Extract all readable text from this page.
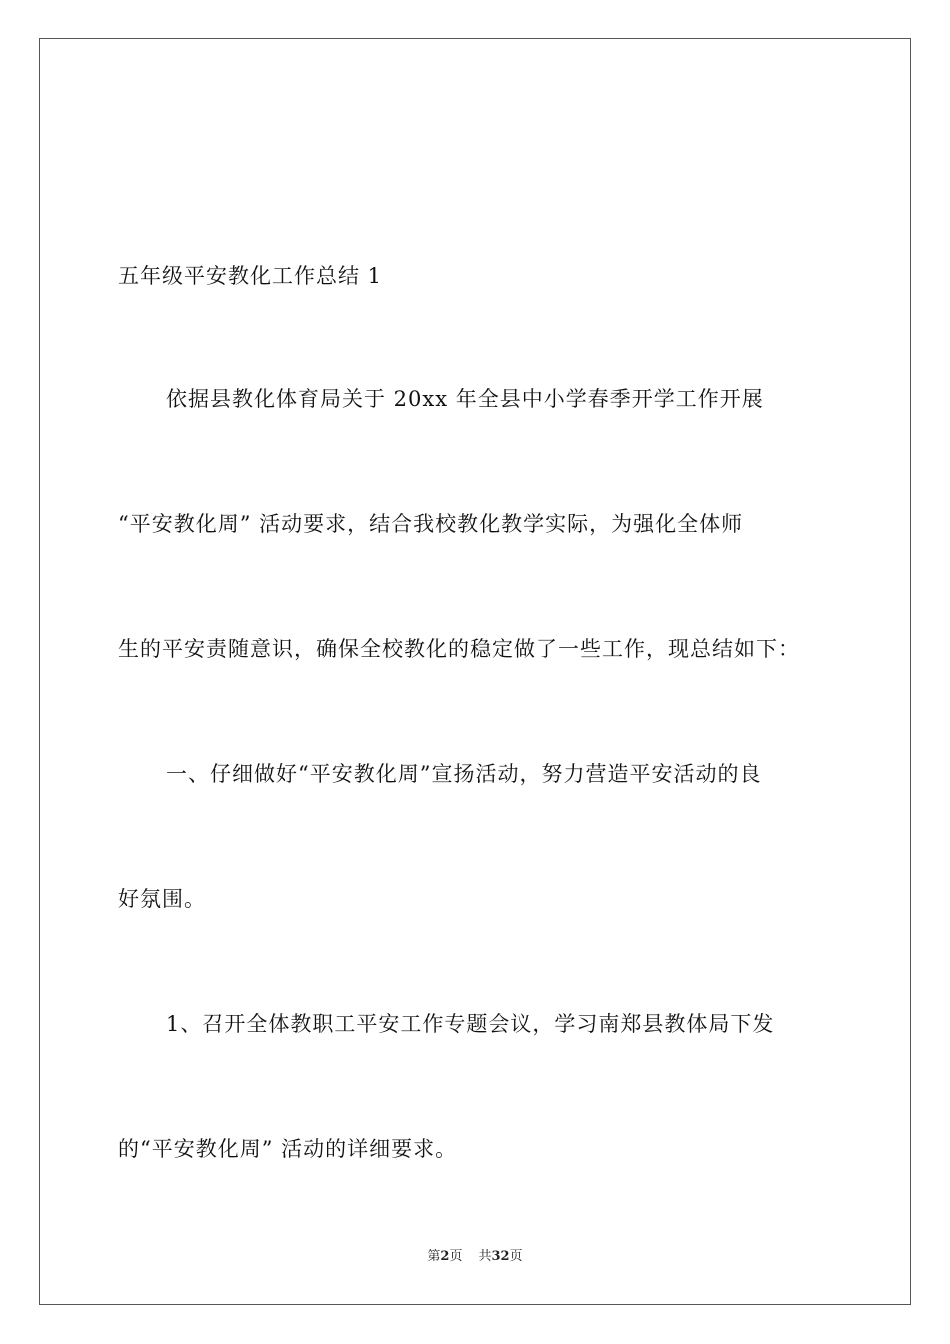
五年级平安教化工作总结 1
依据县教化体育局关于 20xx 年全县中小学春季开学工作开展
“平安教化周” 活动要求，结合我校教化教学实际，为强化全体师
生的平安责随意识，确保全校教化的稳定做了一些工作，现总结如下：
一、仔细做好“平安教化周”宣扬活动，努力营造平安活动的良
好氛围。
1、召开全体教职工平安工作专题会议，学习南郑县教体局下发
的“平安教化周” 活动的详细要求。
第2页 共32页
